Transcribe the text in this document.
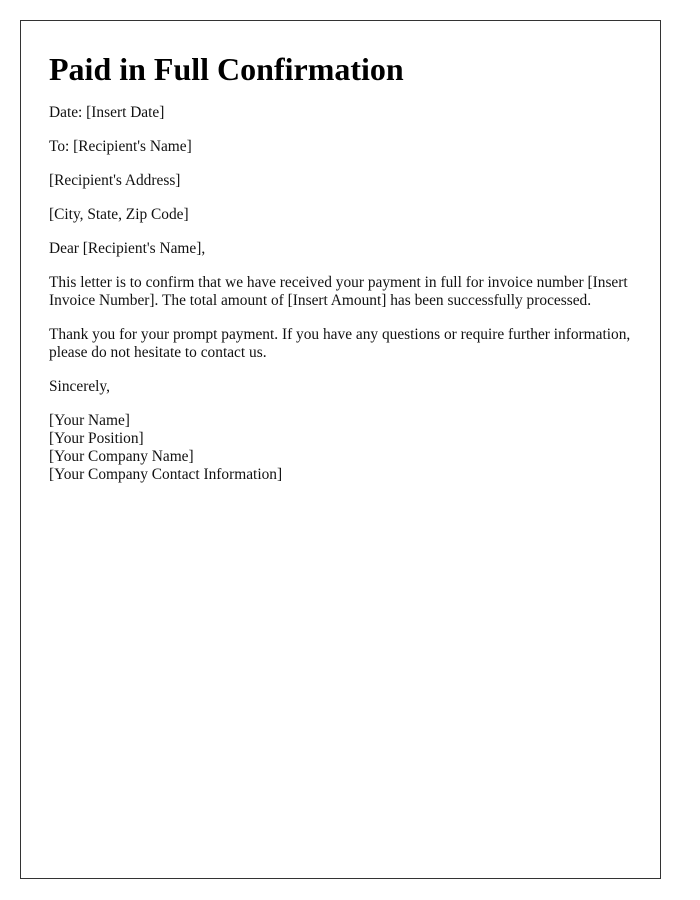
Paid in Full Confirmation

Date: [Insert Date]

To: [Recipient's Name]

[Recipient's Address]

[City, State, Zip Code]

Dear [Recipient's Name],

This letter is to confirm that we have received your payment in full for invoice number [Insert Invoice Number]. The total amount of [Insert Amount] has been successfully processed.

Thank you for your prompt payment. If you have any questions or require further information, please do not hesitate to contact us.

Sincerely,

[Your Name]
[Your Position]
[Your Company Name]
[Your Company Contact Information]
